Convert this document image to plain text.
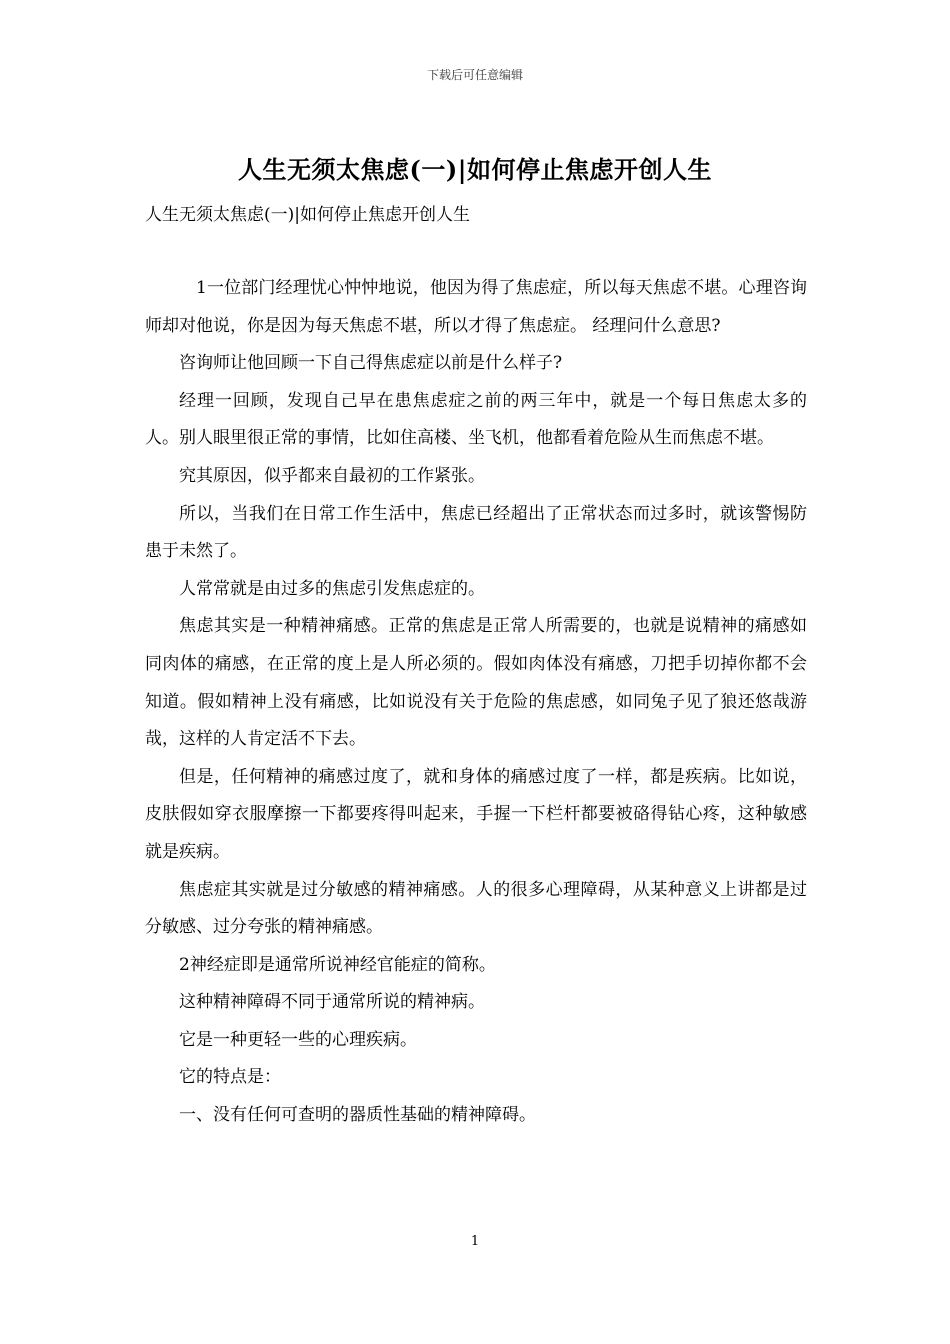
下载后可任意编辑
人生无须太焦虑(一)|如何停止焦虑开创人生

人生无须太焦虑(一)|如何停止焦虑开创人生

1一位部门经理忧心忡忡地说，他因为得了焦虑症，所以每天焦虑不堪。心理咨询师却对他说，你是因为每天焦虑不堪，所以才得了焦虑症。 经理问什么意思?

咨询师让他回顾一下自己得焦虑症以前是什么样子?

经理一回顾，发现自己早在患焦虑症之前的两三年中，就是一个每日焦虑太多的人。别人眼里很正常的事情，比如住高楼、坐飞机，他都看着危险从生而焦虑不堪。

究其原因，似乎都来自最初的工作紧张。

所以，当我们在日常工作生活中，焦虑已经超出了正常状态而过多时，就该警惕防患于未然了。

人常常就是由过多的焦虑引发焦虑症的。

焦虑其实是一种精神痛感。正常的焦虑是正常人所需要的，也就是说精神的痛感如同肉体的痛感，在正常的度上是人所必须的。假如肉体没有痛感，刀把手切掉你都不会知道。假如精神上没有痛感，比如说没有关于危险的焦虑感，如同兔子见了狼还悠哉游哉，这样的人肯定活不下去。

但是，任何精神的痛感过度了，就和身体的痛感过度了一样，都是疾病。比如说，皮肤假如穿衣服摩擦一下都要疼得叫起来，手握一下栏杆都要被硌得钻心疼，这种敏感就是疾病。

焦虑症其实就是过分敏感的精神痛感。人的很多心理障碍，从某种意义上讲都是过分敏感、过分夸张的精神痛感。

2神经症即是通常所说神经官能症的简称。

这种精神障碍不同于通常所说的精神病。

它是一种更轻一些的心理疾病。

它的特点是：

一、没有任何可查明的器质性基础的精神障碍。

1
